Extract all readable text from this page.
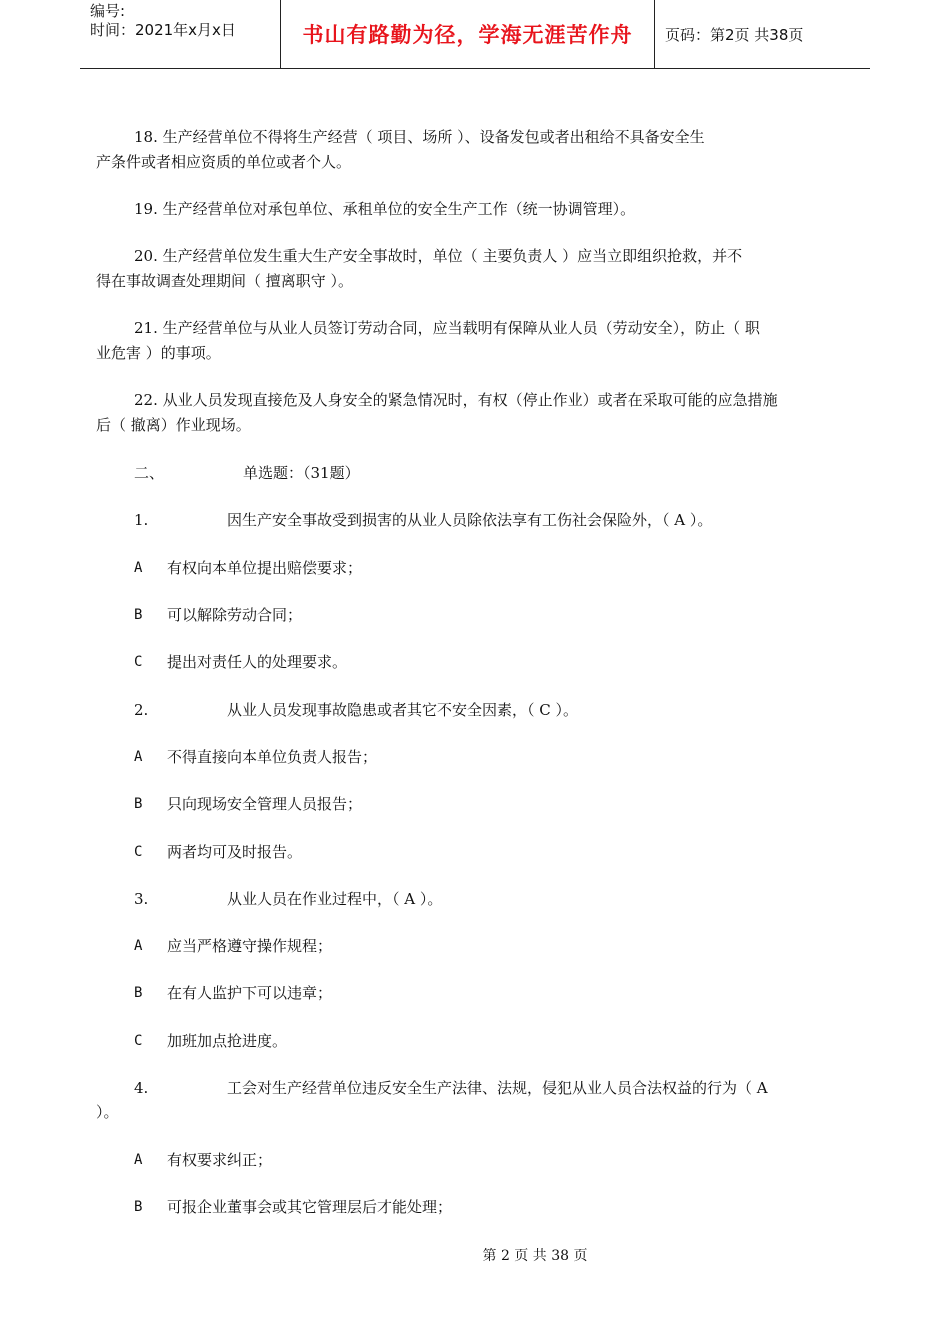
编号:
时间：2021年x月x日	书山有路勤为径，学海无涯苦作舟	页码：第2页 共38页
18. 生产经营单位不得将生产经营（ 项目、场所 ）、设备发包或者出租给不具备安全生
产条件或者相应资质的单位或者个人。
19. 生产经营单位对承包单位、承租单位的安全生产工作（统一协调管理）。
20. 生产经营单位发生重大生产安全事故时，单位（ 主要负责人 ）应当立即组织抢救，并不
得在事故调查处理期间（ 擅离职守 ）。
21. 生产经营单位与从业人员签订劳动合同，应当载明有保障从业人员（劳动安全），防止（ 职
业危害 ）的事项。
22. 从业人员发现直接危及人身安全的紧急情况时，有权（停止作业）或者在采取可能的应急措施
后（ 撤离）作业现场。
二、	单选题：（31题）
1.	因生产安全事故受到损害的从业人员除依法享有工伤社会保险外，（ A ）。
A 有权向本单位提出赔偿要求；
B 可以解除劳动合同；
C 提出对责任人的处理要求。
2.	从业人员发现事故隐患或者其它不安全因素，（ C ）。
A 不得直接向本单位负责人报告；
B 只向现场安全管理人员报告；
C 两者均可及时报告。
3.	从业人员在作业过程中，（ A ）。
A 应当严格遵守操作规程；
B 在有人监护下可以违章；
C 加班加点抢进度。
4.	工会对生产经营单位违反安全生产法律、法规，侵犯从业人员合法权益的行为（ A
）。
A 有权要求纠正；
B 可报企业董事会或其它管理层后才能处理；
第 2 页 共 38 页
